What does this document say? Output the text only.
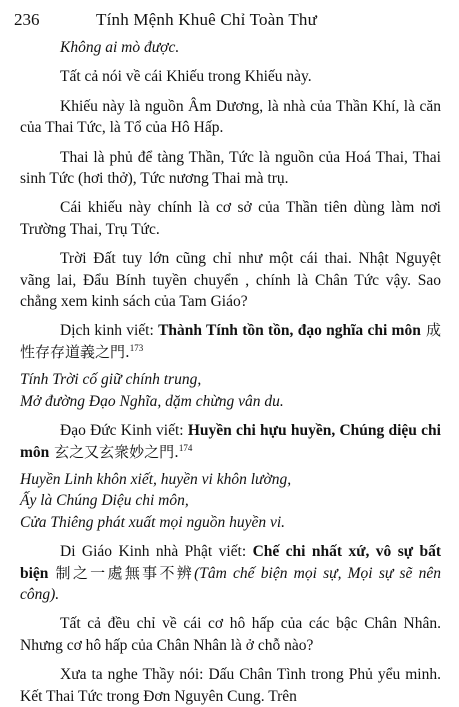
236	Tính Mệnh Khuê Chỉ Toàn Thư

Không ai mò được.

Tất cả nói về cái Khiếu trong Khiếu này.

Khiếu này là nguồn Âm Dương, là nhà của Thần Khí, là căn của Thai Tức, là Tổ của Hô Hấp.

Thai là phủ để tàng Thần, Tức là nguồn của Hoá Thai, Thai sinh Tức (hơi thở), Tức nương Thai mà trụ.

Cái khiếu này chính là cơ sở của Thần tiên dùng làm nơi Trường Thai, Trụ Tức.

Trời Đất tuy lớn cũng chỉ như một cái thai. Nhật Nguyệt vãng lai, Đẩu Bính tuyền chuyển , chính là Chân Tức vậy. Sao chẳng xem kinh sách của Tam Giáo?

Dịch kinh viết: Thành Tính tồn tồn, đạo nghĩa chi môn 成性存存道義之門.$^{173}$

Tính Trời cố giữ chính trung,

Mở đường Đạo Nghĩa, dặm chừng vân du.

Đạo Đức Kinh viết: Huyền chi hựu huyền, Chúng diệu chi môn 玄之又玄衆妙之門.$^{174}$

Huyền Linh khôn xiết, huyền vi khôn lường,

Ấy là Chúng Diệu chi môn,

Cửa Thiêng phát xuất mọi nguồn huyền vi.

Di Giáo Kinh nhà Phật viết: Chế chi nhất xứ, vô sự bất biện 制之一處無事不辨(Tâm chế biện mọi sự, Mọi sự sẽ nên công).

Tất cả đều chỉ về cái cơ hô hấp của các bậc Chân Nhân. Nhưng cơ hô hấp của Chân Nhân là ở chỗ nào?

Xưa ta nghe Thầy nói: Dấu Chân Tình trong Phủ yểu minh. Kết Thai Tức trong Đơn Nguyên Cung. Trên
